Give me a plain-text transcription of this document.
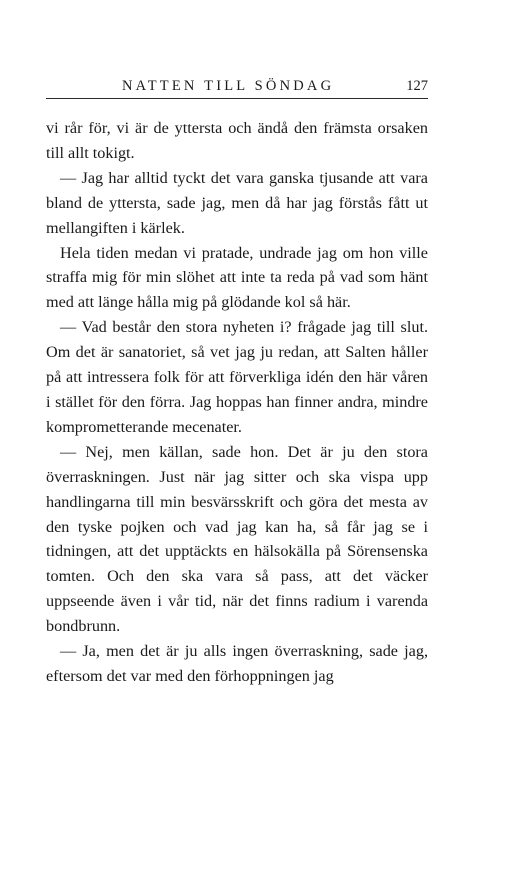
NATTEN TILL SÖNDAG	127

vi rår för, vi är de yttersta och ändå den främsta orsaken till allt tokigt.

— Jag har alltid tyckt det vara ganska tjusande att vara bland de yttersta, sade jag, men då har jag förstås fått ut mellangiften i kärlek.

Hela tiden medan vi pratade, undrade jag om hon ville straffa mig för min slöhet att inte ta reda på vad som hänt med att länge hålla mig på glödande kol så här.

— Vad består den stora nyheten i? frågade jag till slut. Om det är sanatoriet, så vet jag ju redan, att Salten håller på att intressera folk för att förverkliga idén den här våren i stället för den förra. Jag hoppas han finner andra, mindre komprometterande mecenater.

— Nej, men källan, sade hon. Det är ju den stora överraskningen. Just när jag sitter och ska vispa upp handlingarna till min besvärsskrift och göra det mesta av den tyske pojken och vad jag kan ha, så får jag se i tidningen, att det upptäckts en hälsokälla på Sörensenska tomten. Och den ska vara så pass, att det väcker uppseende även i vår tid, när det finns radium i varenda bondbrunn.

— Ja, men det är ju alls ingen överraskning, sade jag, eftersom det var med den förhoppningen jag
